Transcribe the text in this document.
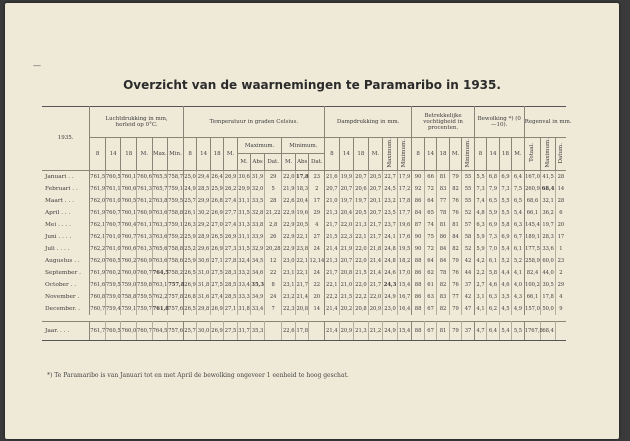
—
Overzicht van de waarnemingen te Paramaribo in 1935.
1935.	Luchtdrukking in mm, herleid op 0°C.						Temperatuur in graden Celsius.										Dampdrukking in mm.						Betrekkelijke vochtigheid in procenten.					Bewolking *) (0—10).				Regenval in mm.		
	8	14	18	M.	Max.	Min.	8	14	18	M.	Maximum.			Minimum.			8	14	18	M.	Maximum.	Minimum.	8	14	18	M.	Minimum.	8	14	18	M.	Totaal.	Maximum.	Datum.
											M.	Abs	Dat.	M.	Abs	Dat.																		
Januari . .	761,5	760,5	760,1	760,6	765,5	758,7	25,0	29,4	26,4	26,9	30,6	31,9	29	22,0	17,8	23	21,6	19,9	20,7	20,5	22,7	17,9	90	66	81	79	55	5,5	6,8	6,9	6,4	167,0	41,5	28
Februari . .	761,9	761,1	760,6	761,3	765,7	759,1	24,9	28,5	25,9	26,2	29,9	32,0	5	21,9	18,3	2	20,7	20,7	20,6	20,7	24,5	17,2	92	72	83	82	55	7,3	7,9	7,3	7,5	260,9	68,4	14
Maart . . .	762,0	761,0	760,5	761,2	763,8	759,5	25,7	29,9	26,8	27,4	31,1	33,5	28	22,6	20,4	17	21,0	19,7	19,7	20,1	23,2	17,8	86	64	77	76	55	7,4	6,5	5,5	6,5	68,6	32,1	28
April . . .	761,9	760,7	760,1	760,9	763,6	758,8	26,1	30,2	26,9	27,7	31,5	32,8	21,22	22,9	19,6	29	21,3	20,4	20,5	20,7	23,5	17,7	84	65	78	76	52	4,8	5,9	5,5	5,4	66,1	36,2	6
Mei . . . .	762,1	760,7	760,4	761,1	763,3	759,1	26,3	29,2	27,0	27,4	31,3	33,8	2,8	22,9	20,5	4	21,7	22,0	21,3	21,7	23,7	19,6	87	74	81	81	57	6,3	6,9	5,8	6,3	145,4	19,7	20
Juni . . . .	762,1	761,0	760,7	761,3	763,6	759,2	25,9	28,9	26,5	26,9	31,1	33,9	26	22,9	22,1	27	21,5	22,3	22,1	21,7	24,1	17,6	90	75	86	84	58	5,9	7,3	6,9	6,7	189,1	28,3	17
Juli . . . .	762,2	761,0	760,6	761,3	765,6	758,8	25,2	29,6	26,9	27,3	31,5	32,9	20,28	22,9	23,8	24	21,4	21,9	22,0	21,8	24,8	19,5	90	72	84	82	52	5,9	7,0	5,4	6,1	177,5	33,6	1
Augustus . .	762,0	760,5	760,2	760,9	763,6	758,6	25,9	30,6	27,1	27,8	32,4	34,5	12	23,0	22,1	12,14	21,3	20,7	22,0	21,4	24,8	18,2	88	64	84	79	42	4,2	6,1	5,2	5,2	258,9	60,0	23
September .	761,9	760,2	760,0	760,7	764,5	758,2	26,5	31,0	27,5	28,3	33,2	34,6	22	23,1	22,1	24	21,7	20,8	21,5	21,4	24,6	17,0	86	62	78	76	44	2,2	5,8	4,4	4,1	82,4	44,0	2
October . .	761,6	759,5	759,0	759,8	763,1	757,8	26,9	31,8	27,5	28,5	33,4	35,3	8	23,1	21,7	22	22,1	21,0	22,0	21,7	24,3	15,4	88	61	82	76	37	2,7	4,6	4,6	4,0	100,2	30,5	29
November .	760,8	759,0	758,8	759,5	762,2	757,8	26,8	31,6	27,4	28,5	33,3	34,9	24	23,2	21,4	20	22,2	21,5	22,2	22,0	24,9	16,7	86	63	83	77	42	3,1	6,3	3,5	4,3	66,1	17,8	4
December. .	760,7	759,4	759,1	759,7	761,8	757,6	26,5	29,8	26,9	27,1	31,8	33,4	7	22,3	20,8	14	21,4	20,2	20,8	20,9	23,0	16,4	88	67	82	79	47	4,1	6,2	4,5	4,9	157,0	50,0	9

Jaar. . . .	761,7	760,5	760,0	760,7	764,5	757,6	25,7	30,0	26,9	27,5	31,7	35,3		22,6	17,8		21,4	20,9	21,3	21,2	24,9	15,4	88	67	81	79	37	4,7	6,4	5,4	5,5	1767,8	68,4	
*) Te Paramaribo is van Januari tot en met April de bewolking ongeveer 1 eenheid te hoog geschat.
